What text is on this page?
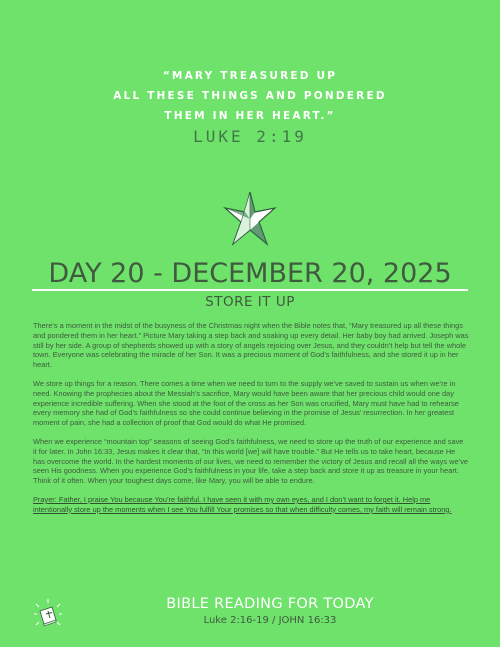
“MARY TREASURED UP
ALL THESE THINGS AND PONDERED
THEM IN HER HEART.”
LUKE 2:19
DAY 20 - DECEMBER 20, 2025
STORE IT UP

There’s a moment in the midst of the busyness of the Christmas night when the Bible notes that, “Mary treasured up all these things and pondered them in her heart.” Picture Mary taking a step back and soaking up every detail. Her baby boy had arrived. Joseph was still by her side. A group of shepherds showed up with a story of angels rejoicing over Jesus, and they couldn’t help but tell the whole town. Everyone was celebrating the miracle of her Son. It was a precious moment of God’s faithfulness, and she stored it up in her heart.

We store up things for a reason. There comes a time when we need to turn to the supply we’ve saved to sustain us when we’re in need. Knowing the prophecies about the Messiah’s sacrifice, Mary would have been aware that her precious child would one day experience incredible suffering. When she stood at the foot of the cross as her Son was crucified, Mary must have had to rehearse every memory she had of God’s faithfulness so she could continue believing in the promise of Jesus’ resurrection. In her greatest moment of pain, she had a collection of proof that God would do what He promised.

When we experience “mountain top” seasons of seeing God’s faithfulness, we need to store up the truth of our experience and save it for later. In John 16:33, Jesus makes it clear that, “In this world [we] will have trouble.” But He tells us to take heart, because He has overcome the world. In the hardest moments of our lives, we need to remember the victory of Jesus and recall all the ways we’ve seen His goodness. When you experience God’s faithfulness in your life, take a step back and store it up as treasure in your heart. Think of it often. When your toughest days come, like Mary, you will be able to endure.

Prayer: Father, I praise You because You’re faithful. I have seen it with my own eyes, and I don’t want to forget it. Help me intentionally store up the moments when I see You fulfill Your promises so that when difficulty comes, my faith will remain strong.

BIBLE READING FOR TODAY
Luke 2:16-19 / JOHN 16:33
